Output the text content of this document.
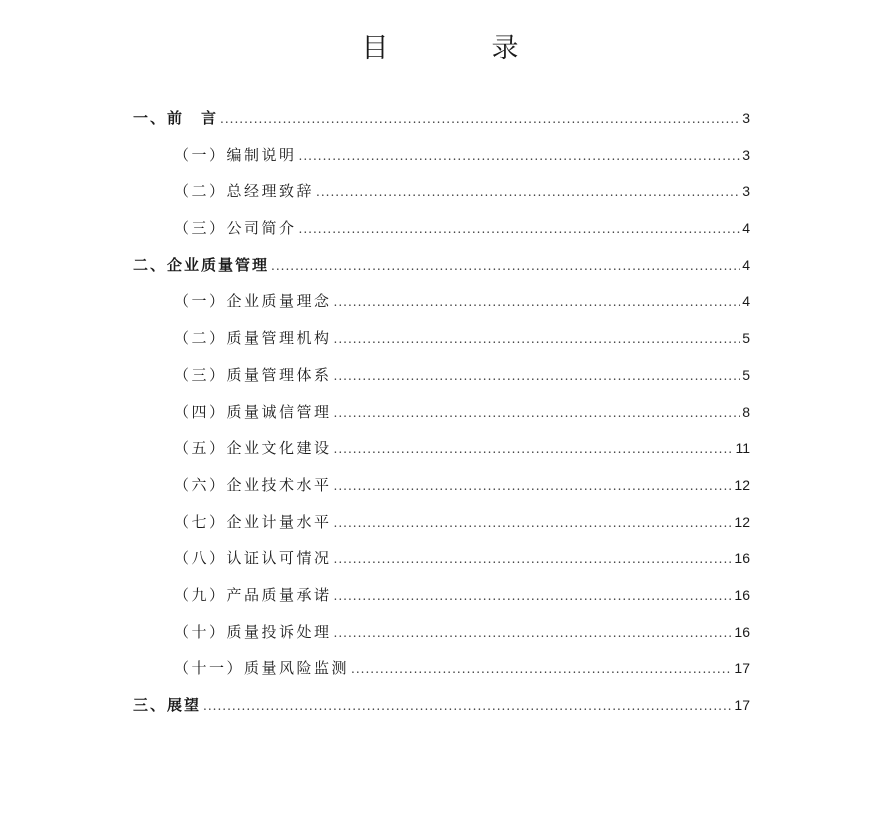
目　录
一、前　言 .....	3
（一）编制说明 .....	3
（二）总经理致辞 .....	3
（三）公司简介 .....	4
二、企业质量管理 .....	4
（一）企业质量理念 .....	4
（二）质量管理机构 .....	5
（三）质量管理体系 .....	5
（四）质量诚信管理 .....	8
（五）企业文化建设 .....	11
（六）企业技术水平 .....	12
（七）企业计量水平 .....	12
（八）认证认可情况 .....	16
（九）产品质量承诺 .....	16
（十）质量投诉处理 .....	16
（十一）质量风险监测 .....	17
三、展望 .....	17
